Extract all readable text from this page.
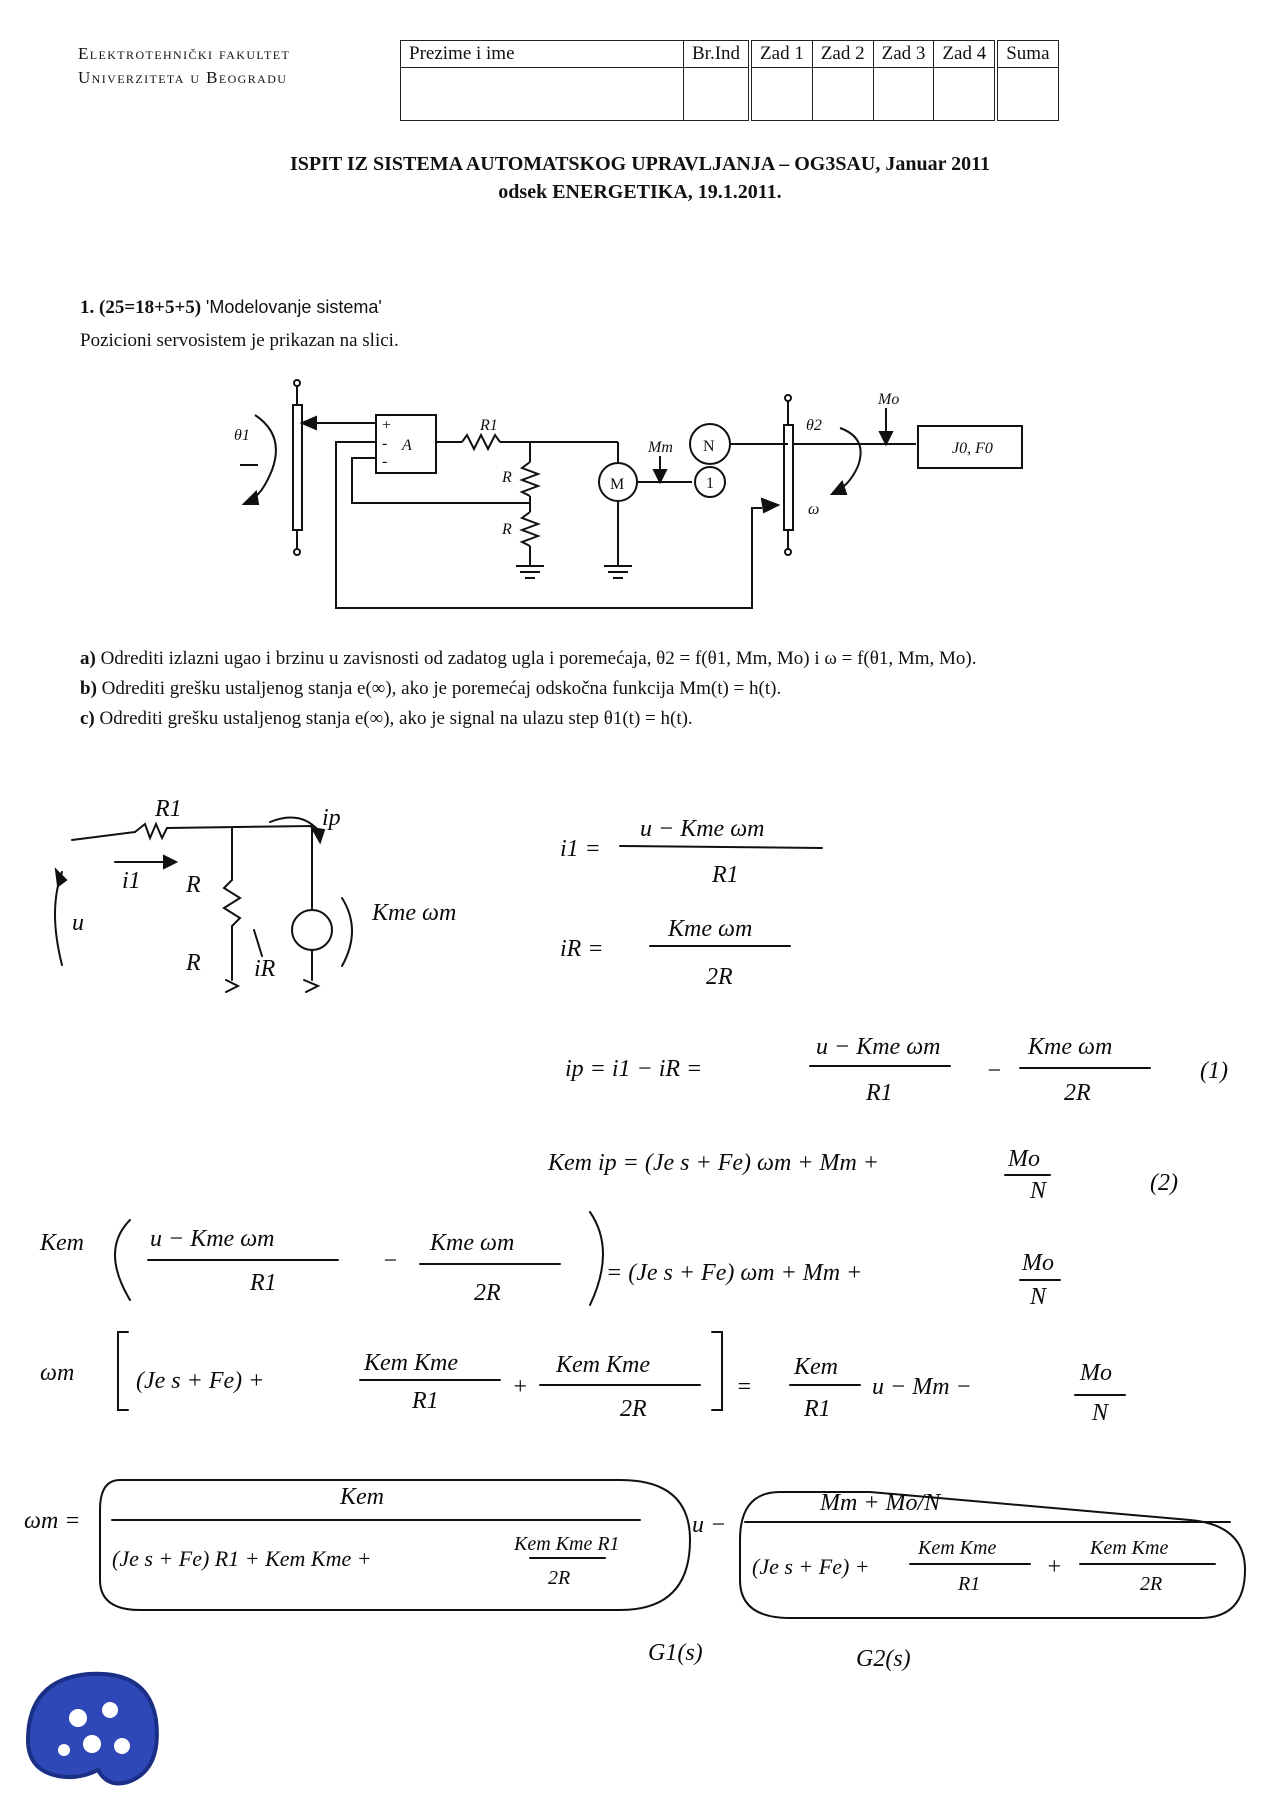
Elektrotehnički fakultet
Univerziteta u Beogradu
Prezime i ime	Br.Ind	Zad 1	Zad 2	Zad 3	Zad 4	Suma

ISPIT IZ SISTEMA AUTOMATSKOG UPRAVLJANJA – OG3SAU, Januar 2011
odsek ENERGETIKA, 19.1.2011.
1. (25=18+5+5) 'Modelovanje sistema'
Pozicioni servosistem je prikazan na slici.
θ1
+
-
-
A
R1
R
R
M
Mm N
1
θ2
ω
Mo
J0, F0
a) Odrediti izlazni ugao i brzinu u zavisnosti od zadatog ugla i poremećaja, θ2 = f(θ1, Mm, Mo) i ω = f(θ1, Mm, Mo).
b) Odrediti grešku ustaljenog stanja e(∞), ako je poremećaj odskočna funkcija Mm(t) = h(t).
c) Odrediti grešku ustaljenog stanja e(∞), ako je signal na ulazu step θ1(t) = h(t).
R1	ip
i1
u
R
R iR
Kme ωm
i1 =
u − Kme ωm
R1
iR =
Kme ωm
2R
ip = i1 − iR =
u − Kme ωm
R1
−
Kme ωm
2R
(1)
Kem ip = (Je s + Fe) ωm + Mm +	Mo
N	(2)
Kem	u − Kme ωm
R1
−
Kme ωm
2R
= (Je s + Fe) ωm + Mm +	Mo
N
ωm	(Je s + Fe) +
Kem Kme
R1
+
Kem Kme
2R
=
Kem
R1
u − Mm −
Mo
N
ωm =
Kem
(Je s + Fe) R1 + Kem Kme +
Kem Kme R1
2R
u −
Mm + Mo/N
(Je s + Fe) +
Kem Kme
R1
+
Kem Kme
2R
G1(s)	G2(s)
